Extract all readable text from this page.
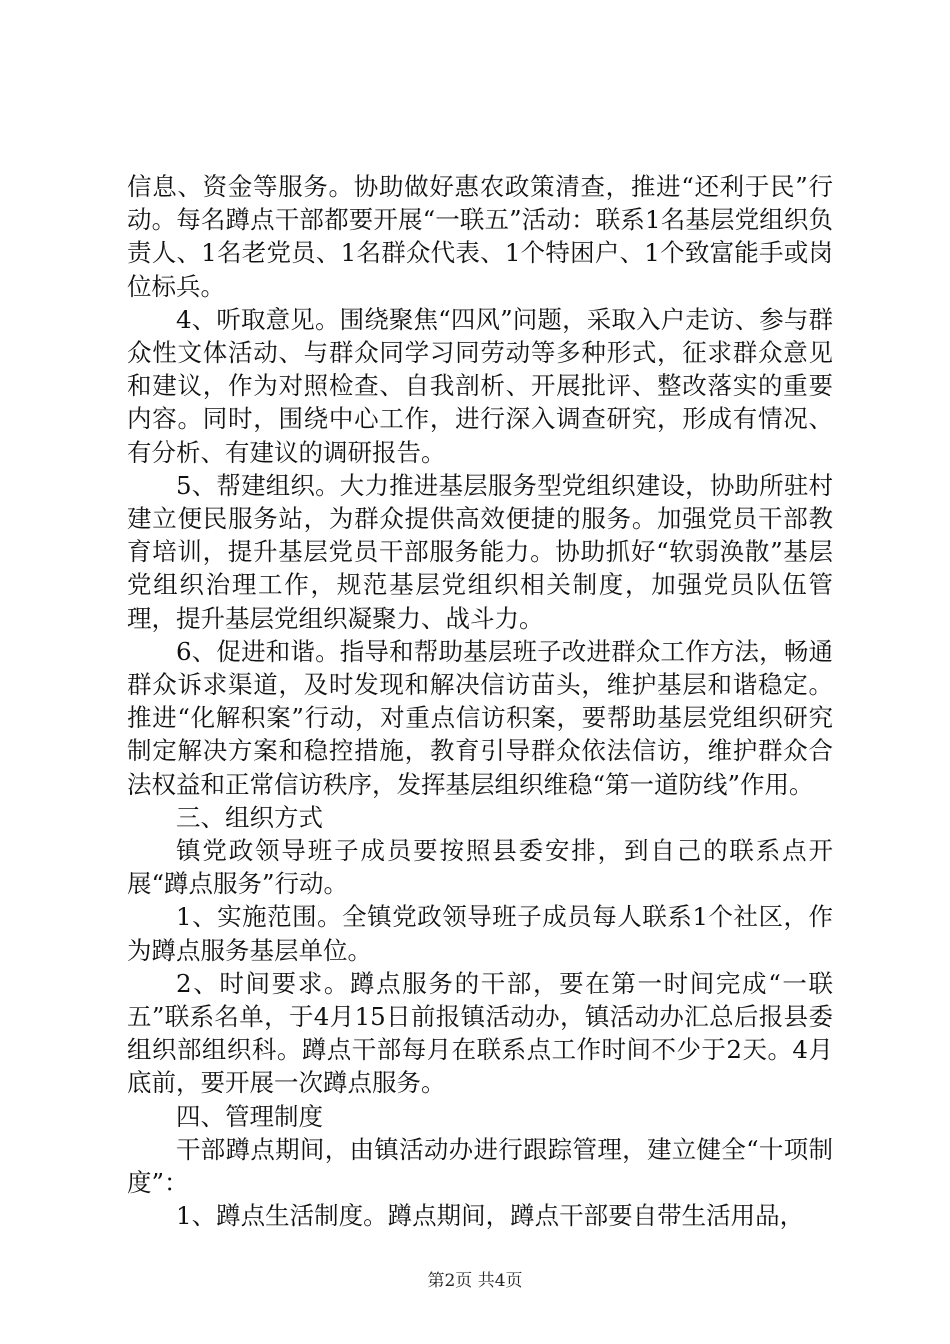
信息、资金等服务。协助做好惠农政策清查，推进“还利于民”行动。每名蹲点干部都要开展“一联五”活动：联系1名基层党组织负责人、1名老党员、1名群众代表、1个特困户、1个致富能手或岗位标兵。

4、听取意见。围绕聚焦“四风”问题，采取入户走访、参与群众性文体活动、与群众同学习同劳动等多种形式，征求群众意见和建议，作为对照检查、自我剖析、开展批评、整改落实的重要内容。同时，围绕中心工作，进行深入调查研究，形成有情况、有分析、有建议的调研报告。

5、帮建组织。大力推进基层服务型党组织建设，协助所驻村建立便民服务站，为群众提供高效便捷的服务。加强党员干部教育培训，提升基层党员干部服务能力。协助抓好“软弱涣散”基层党组织治理工作，规范基层党组织相关制度，加强党员队伍管理，提升基层党组织凝聚力、战斗力。

6、促进和谐。指导和帮助基层班子改进群众工作方法，畅通群众诉求渠道，及时发现和解决信访苗头，维护基层和谐稳定。推进“化解积案”行动，对重点信访积案，要帮助基层党组织研究制定解决方案和稳控措施，教育引导群众依法信访，维护群众合法权益和正常信访秩序，发挥基层组织维稳“第一道防线”作用。

三、组织方式

镇党政领导班子成员要按照县委安排，到自己的联系点开展“蹲点服务”行动。

1、实施范围。全镇党政领导班子成员每人联系1个社区，作为蹲点服务基层单位。

2、时间要求。蹲点服务的干部，要在第一时间完成“一联五”联系名单，于4月15日前报镇活动办，镇活动办汇总后报县委组织部组织科。蹲点干部每月在联系点工作时间不少于2天。4月底前，要开展一次蹲点服务。

四、管理制度

干部蹲点期间，由镇活动办进行跟踪管理，建立健全“十项制度”：

1、蹲点生活制度。蹲点期间，蹲点干部要自带生活用品，

第2页 共4页
